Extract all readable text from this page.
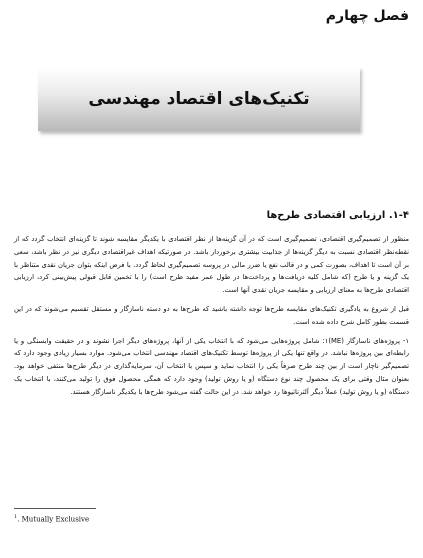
فصل چهارم
تکنیک‌های اقتصاد مهندسی
۱-۴. ارزیابی اقتصادی طرح‌ها

منظور از تصمیم‌گیری اقتصادی، تصمیم‌گیری است که در آن گزینه‌ها از نظر اقتصادی با یکدیگر مقایسه شوند تا گزینه‌ای انتخاب گردد که از نقطه‌نظر اقتصادی نسبت به دیگر گزینه‌ها از جذابیت بیشتری برخوردار باشد. در صورتیکه اهداف غیراقتصادی دیگری نیز در نظر باشد، سعی بر آن است تا اهداف، بصورت کمی و در قالب نفع یا ضرر مالی در پروسه تصمیم‌گیری لحاظ گردد. با فرض اینکه بتوان جریان نقدی متناظر با یک گزینه و یا طرح (که شامل کلیه دریافت‌ها و پرداخت‌ها در طول عمر مفید طرح است) را با تخمین قابل قبولی پیش‌بینی کرد، ارزیابی اقتصادی طرح‌ها به معنای ارزیابی و مقایسه جریان نقدی آنها است.

قبل از شروع به یادگیری تکنیک‌های مقایسه طرح‌ها توجه داشته باشید که طرح‌ها به دو دسته ناسازگار و مستقل تقسیم می‌شوند که در این قسمت بطور کامل شرح داده شده است.

۱- پروژه‌های ناسازگار (ME)۱: شامل پروژه‌هایی می‌شود که با انتخاب یکی از آنها، پروژه‌های دیگر اجرا نشوند و در حقیقت وابستگی و یا رابطه‌ای بین پروژه‌ها نباشد. در واقع تنها یکی از پروژه‌ها توسط تکنیک‌های اقتصاد مهندسی انتخاب می‌شود. موارد بسیار زیادی وجود دارد که تصمیم‌گیر ناچار است از بین چند طرح صرفاً یکی را انتخاب نماید و سپس با انتخاب آن، سرمایه‌گذاری در دیگر طرح‌ها منتفی خواهد بود. بعنوان مثال وقتی برای یک محصول چند نوع دستگاه (و یا روش تولید) وجود دارد که همگی محصول فوق را تولید می‌کنند، با انتخاب یک دستگاه (و یا روش تولید) عملاً دیگر آلترناتیوها رد خواهد شد. در این حالت گفته می‌شود طرح‌ها با یکدیگر ناسازگار هستند.

$^1$. Mutually Exclusive
